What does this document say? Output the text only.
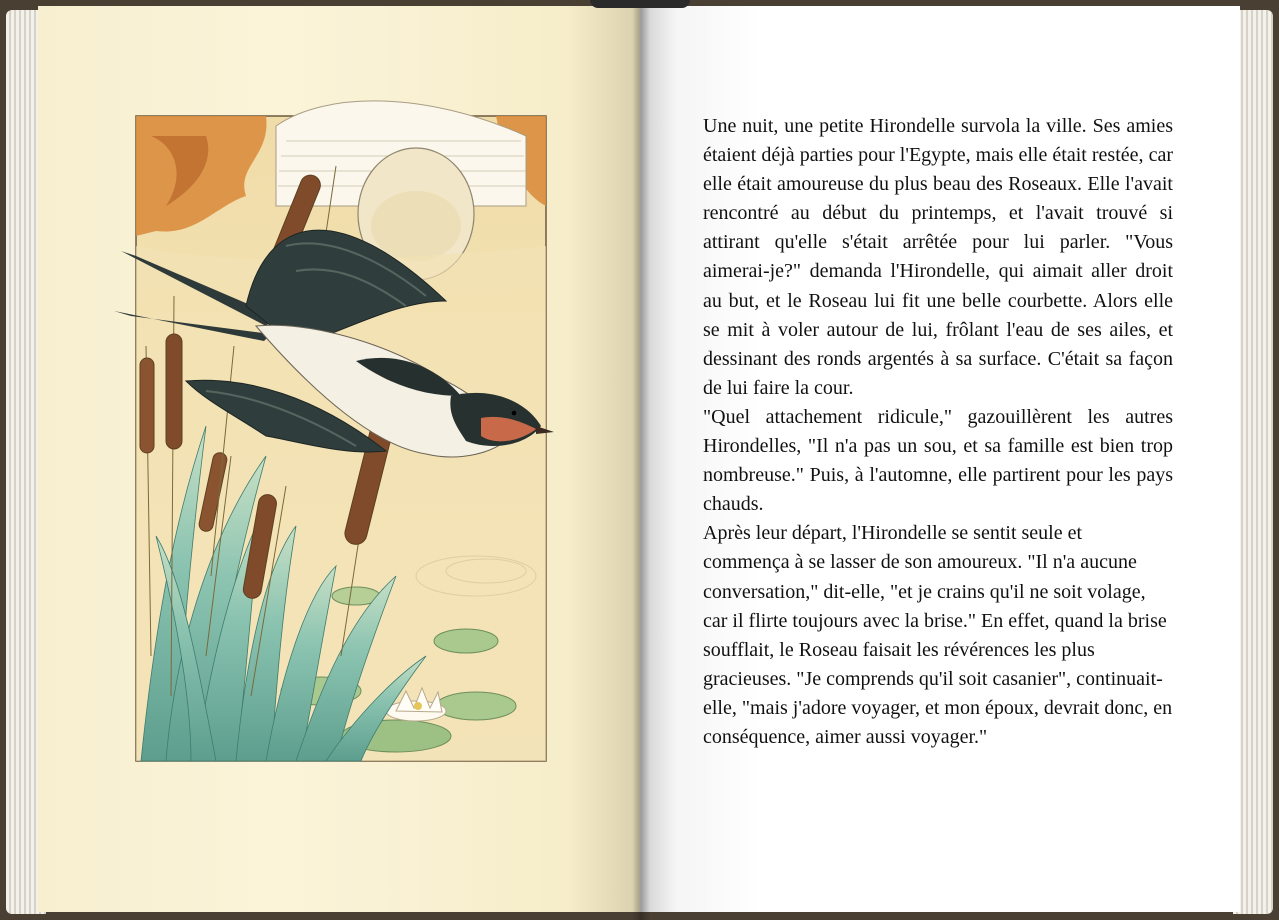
Une nuit, une petite Hirondelle survola la ville. Ses amies étaient déjà parties pour l'Egypte, mais elle était restée, car elle était amoureuse du plus beau des Roseaux. Elle l'avait rencontré au début du printemps, et l'avait trouvé si attirant qu'elle s'était arrêtée pour lui parler. "Vous aimerai-je?" demanda l'Hirondelle, qui aimait aller droit au but, et le Roseau lui fit une belle courbette. Alors elle se mit à voler autour de lui, frôlant l'eau de ses ailes, et dessinant des ronds argentés à sa surface. C'était sa façon de lui faire la cour.

"Quel attachement ridicule," gazouillèrent les autres Hirondelles, "Il n'a pas un sou, et sa famille est bien trop nombreuse." Puis, à l'automne, elle partirent pour les pays chauds.

Après leur départ, l'Hirondelle se sentit seule et commença à se lasser de son amoureux. "Il n'a aucune conversation," dit-elle, "et je crains qu'il ne soit volage, car il flirte toujours avec la brise." En effet, quand la brise soufflait, le Roseau faisait les révérences les plus gracieuses. "Je comprends qu'il soit casanier", continuait-elle, "mais j'adore voyager, et mon époux, devrait donc, en conséquence, aimer aussi voyager."
